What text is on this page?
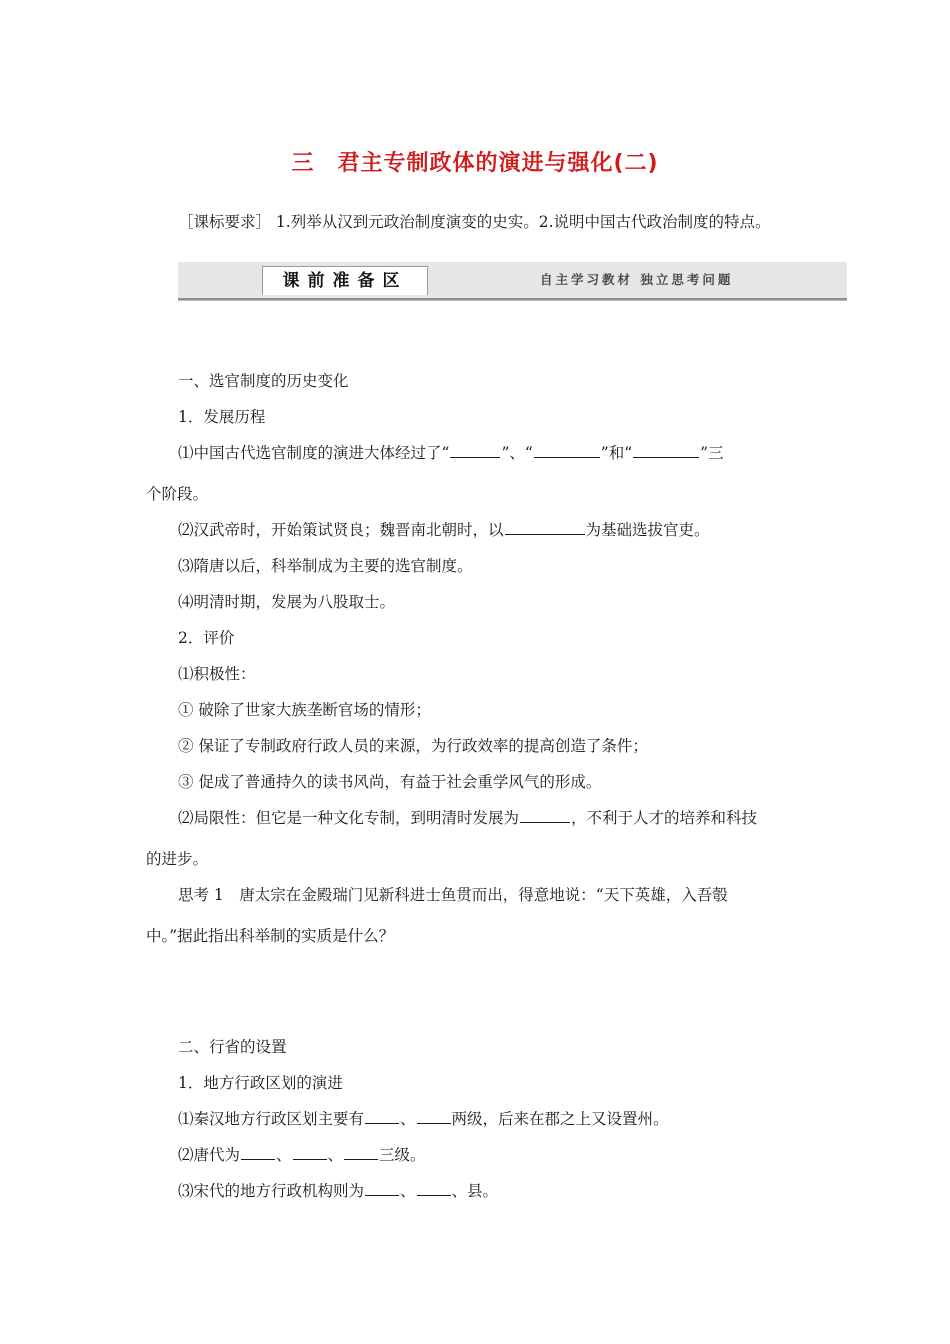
三　君主专制政体的演进与强化(二)
［课标要求］ 1.列举从汉到元政治制度演变的史实。2.说明中国古代政治制度的特点。
课前准备区	自主学习教材 独立思考问题
一、选官制度的历史变化
1．发展历程
⑴中国古代选官制度的演进大体经过了“	”、“	”和“	”三
个阶段。
⑵汉武帝时，开始策试贤良；魏晋南北朝时，以	为基础选拔官吏。
⑶隋唐以后，科举制成为主要的选官制度。
⑷明清时期，发展为八股取士。
2．评价
⑴积极性：
① 破除了世家大族垄断官场的情形；
② 保证了专制政府行政人员的来源，为行政效率的提高创造了条件；
③ 促成了普通持久的读书风尚，有益于社会重学风气的形成。
⑵局限性：但它是一种文化专制，到明清时发展为	，不利于人才的培养和科技
的进步。
思考 1　唐太宗在金殿瑞门见新科进士鱼贯而出，得意地说：“天下英雄，入吾彀
中。”据此指出科举制的实质是什么？
二、行省的设置
1．地方行政区划的演进
⑴秦汉地方行政区划主要有 、 两级，后来在郡之上又设置州。
⑵唐代为 、 、 三级。
⑶宋代的地方行政机构则为 、 、县。
